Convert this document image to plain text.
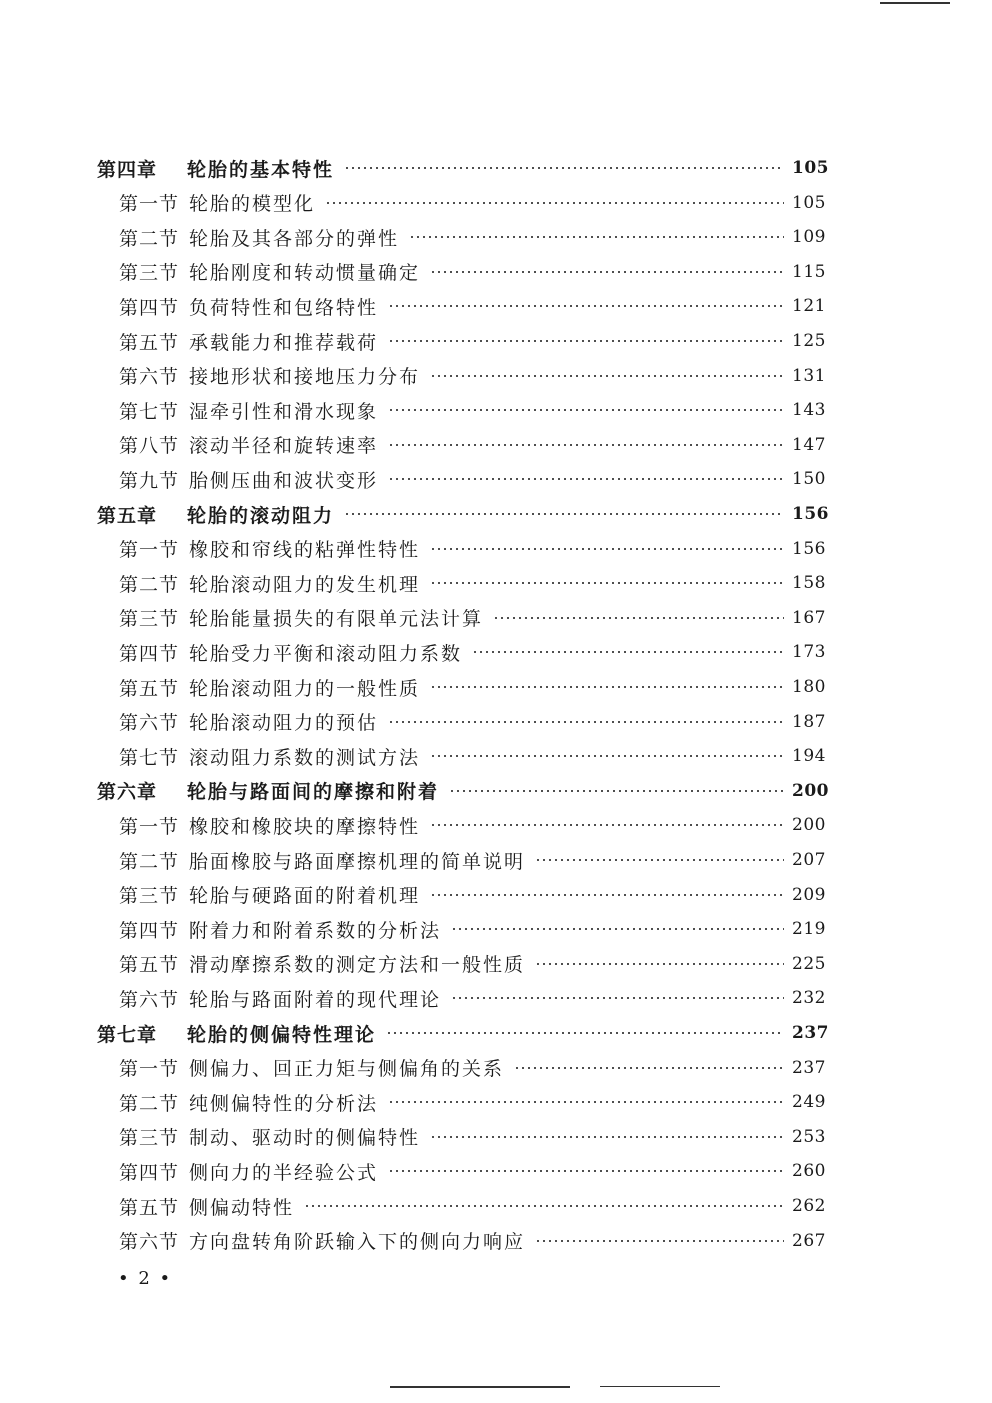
第四章	轮胎的基本特性	105
第一节 轮胎的模型化	105
第二节 轮胎及其各部分的弹性	109
第三节 轮胎刚度和转动惯量确定	115
第四节 负荷特性和包络特性	121
第五节 承载能力和推荐载荷	125
第六节 接地形状和接地压力分布	131
第七节 湿牵引性和滑水现象	143
第八节 滚动半径和旋转速率	147
第九节 胎侧压曲和波状变形	150
第五章	轮胎的滚动阻力	156
第一节 橡胶和帘线的粘弹性特性	156
第二节 轮胎滚动阻力的发生机理	158
第三节 轮胎能量损失的有限单元法计算	167
第四节 轮胎受力平衡和滚动阻力系数	173
第五节 轮胎滚动阻力的一般性质	180
第六节 轮胎滚动阻力的预估	187
第七节 滚动阻力系数的测试方法	194
第六章	轮胎与路面间的摩擦和附着	200
第一节 橡胶和橡胶块的摩擦特性	200
第二节 胎面橡胶与路面摩擦机理的简单说明	207
第三节 轮胎与硬路面的附着机理	209
第四节 附着力和附着系数的分析法	219
第五节 滑动摩擦系数的测定方法和一般性质	225
第六节 轮胎与路面附着的现代理论	232
第七章	轮胎的侧偏特性理论	237
第一节 侧偏力、回正力矩与侧偏角的关系	237
第二节 纯侧偏特性的分析法	249
第三节 制动、驱动时的侧偏特性	253
第四节 侧向力的半经验公式	260
第五节 侧偏动特性	262
第六节 方向盘转角阶跃输入下的侧向力响应	267
• 2 •
